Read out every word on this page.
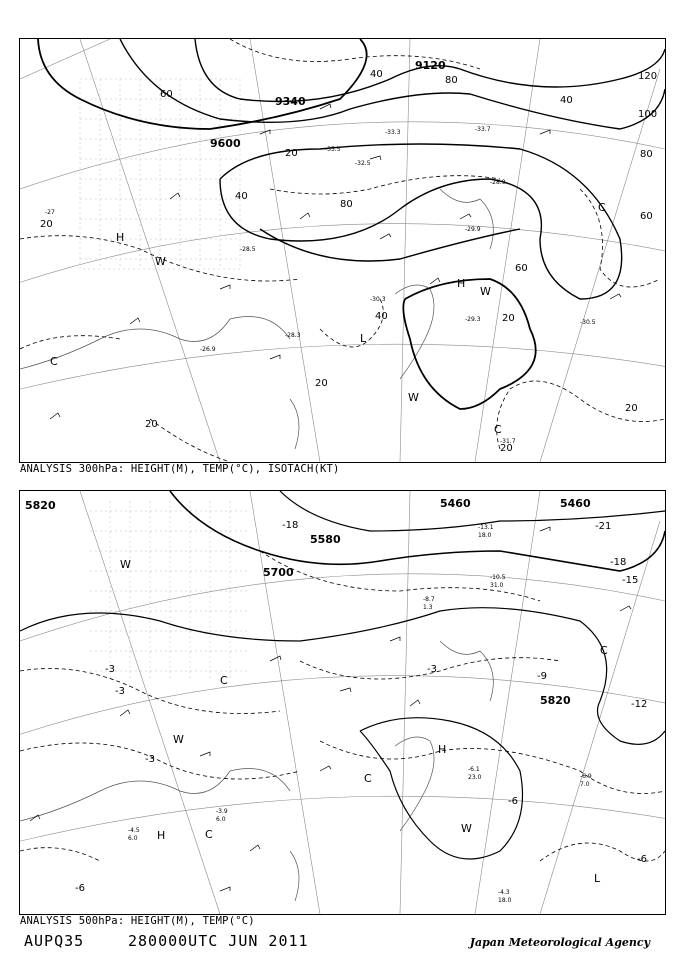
9600
9340
9120
20
20
20
20
20
20
20
40
40
40
40
60
60
60
80
80
80
100
120
H
H
L
W
W
W
C
C
C
-27
-29.9
-30.5
-33.3
-28.3
-31.7
-35.5
-26.9
-30.3
-29.3
-33.7
-28.9
-32.5
-28.5
ANALYSIS 300hPa: HEIGHT(M), TEMP(°C), ISOTACH(KT)
5820
5820
5700
5580
5460
5460
-3
-3
-3
-3
-6
-6
-6
-9
-12
-15
-18
-18	-21
H
H
L
W
W
W
C
C
C
C
-4.3
18.0
-6.9
7.0
-6.1
23.0
-3.9
6.0
-4.5
6.0
-8.7
1.3
-10.5
31.0
-13.1
18.0
ANALYSIS 500hPa: HEIGHT(M), TEMP(°C)
AUPQ35	280000UTC JUN 2011	Japan Meteorological Agency
